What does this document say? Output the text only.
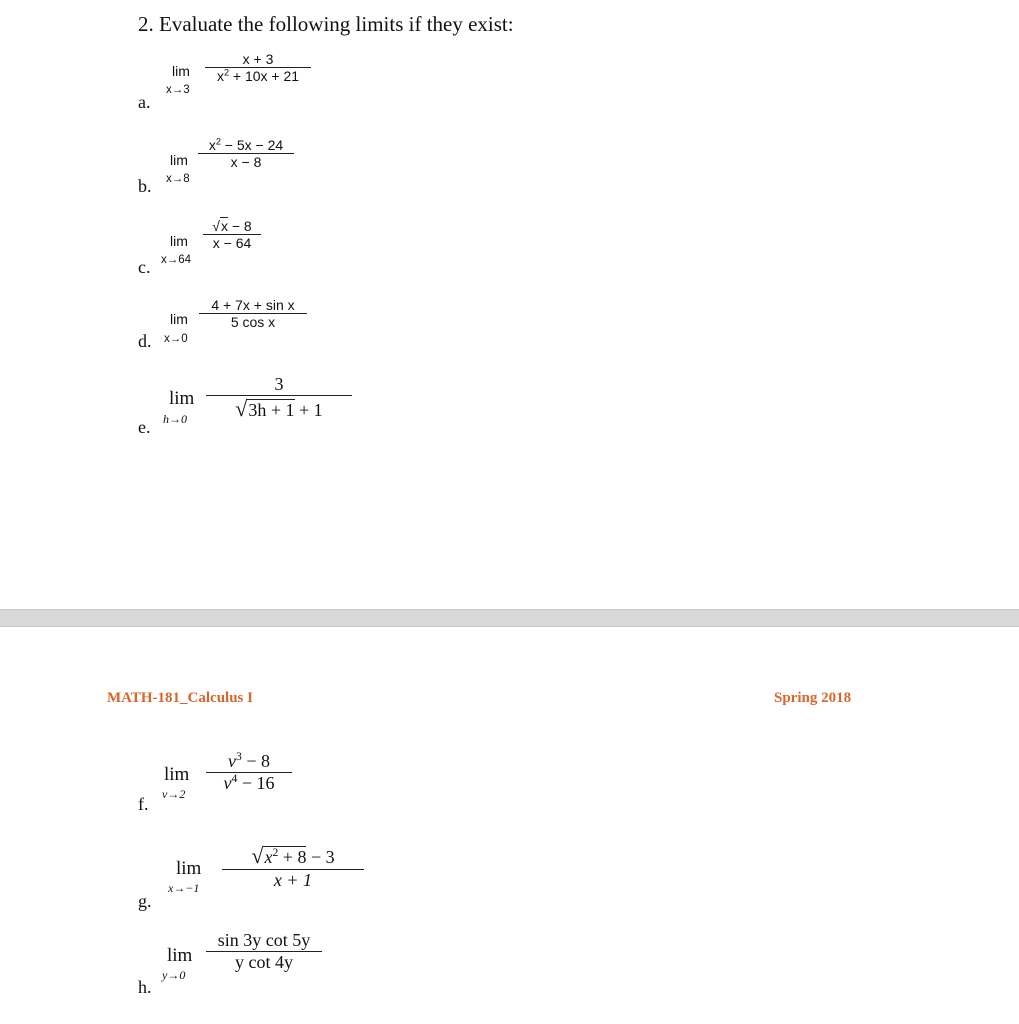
2. Evaluate the following limits if they exist:
a.
lim
x→3
x + 3
$x^2 + 10x + 21$
b.
lim
x→8
$x^2 - 5x - 24$
x − 8
c.
lim
x→64
√x − 8
x − 64
d.
lim
x→0
4 + 7x + sin x
5 cos x
e.
lim
h→0
3
√3h + 1 + 1
MATH-181_Calculus I	Spring 2018
f.
lim
v→2
$v^3 - 8$
$v^4 - 16$
g.
lim
x→−1
$√x^2 + 8 - 3$
x + 1
h.
lim
y→0
sin 3y cot 5y
y cot 4y
